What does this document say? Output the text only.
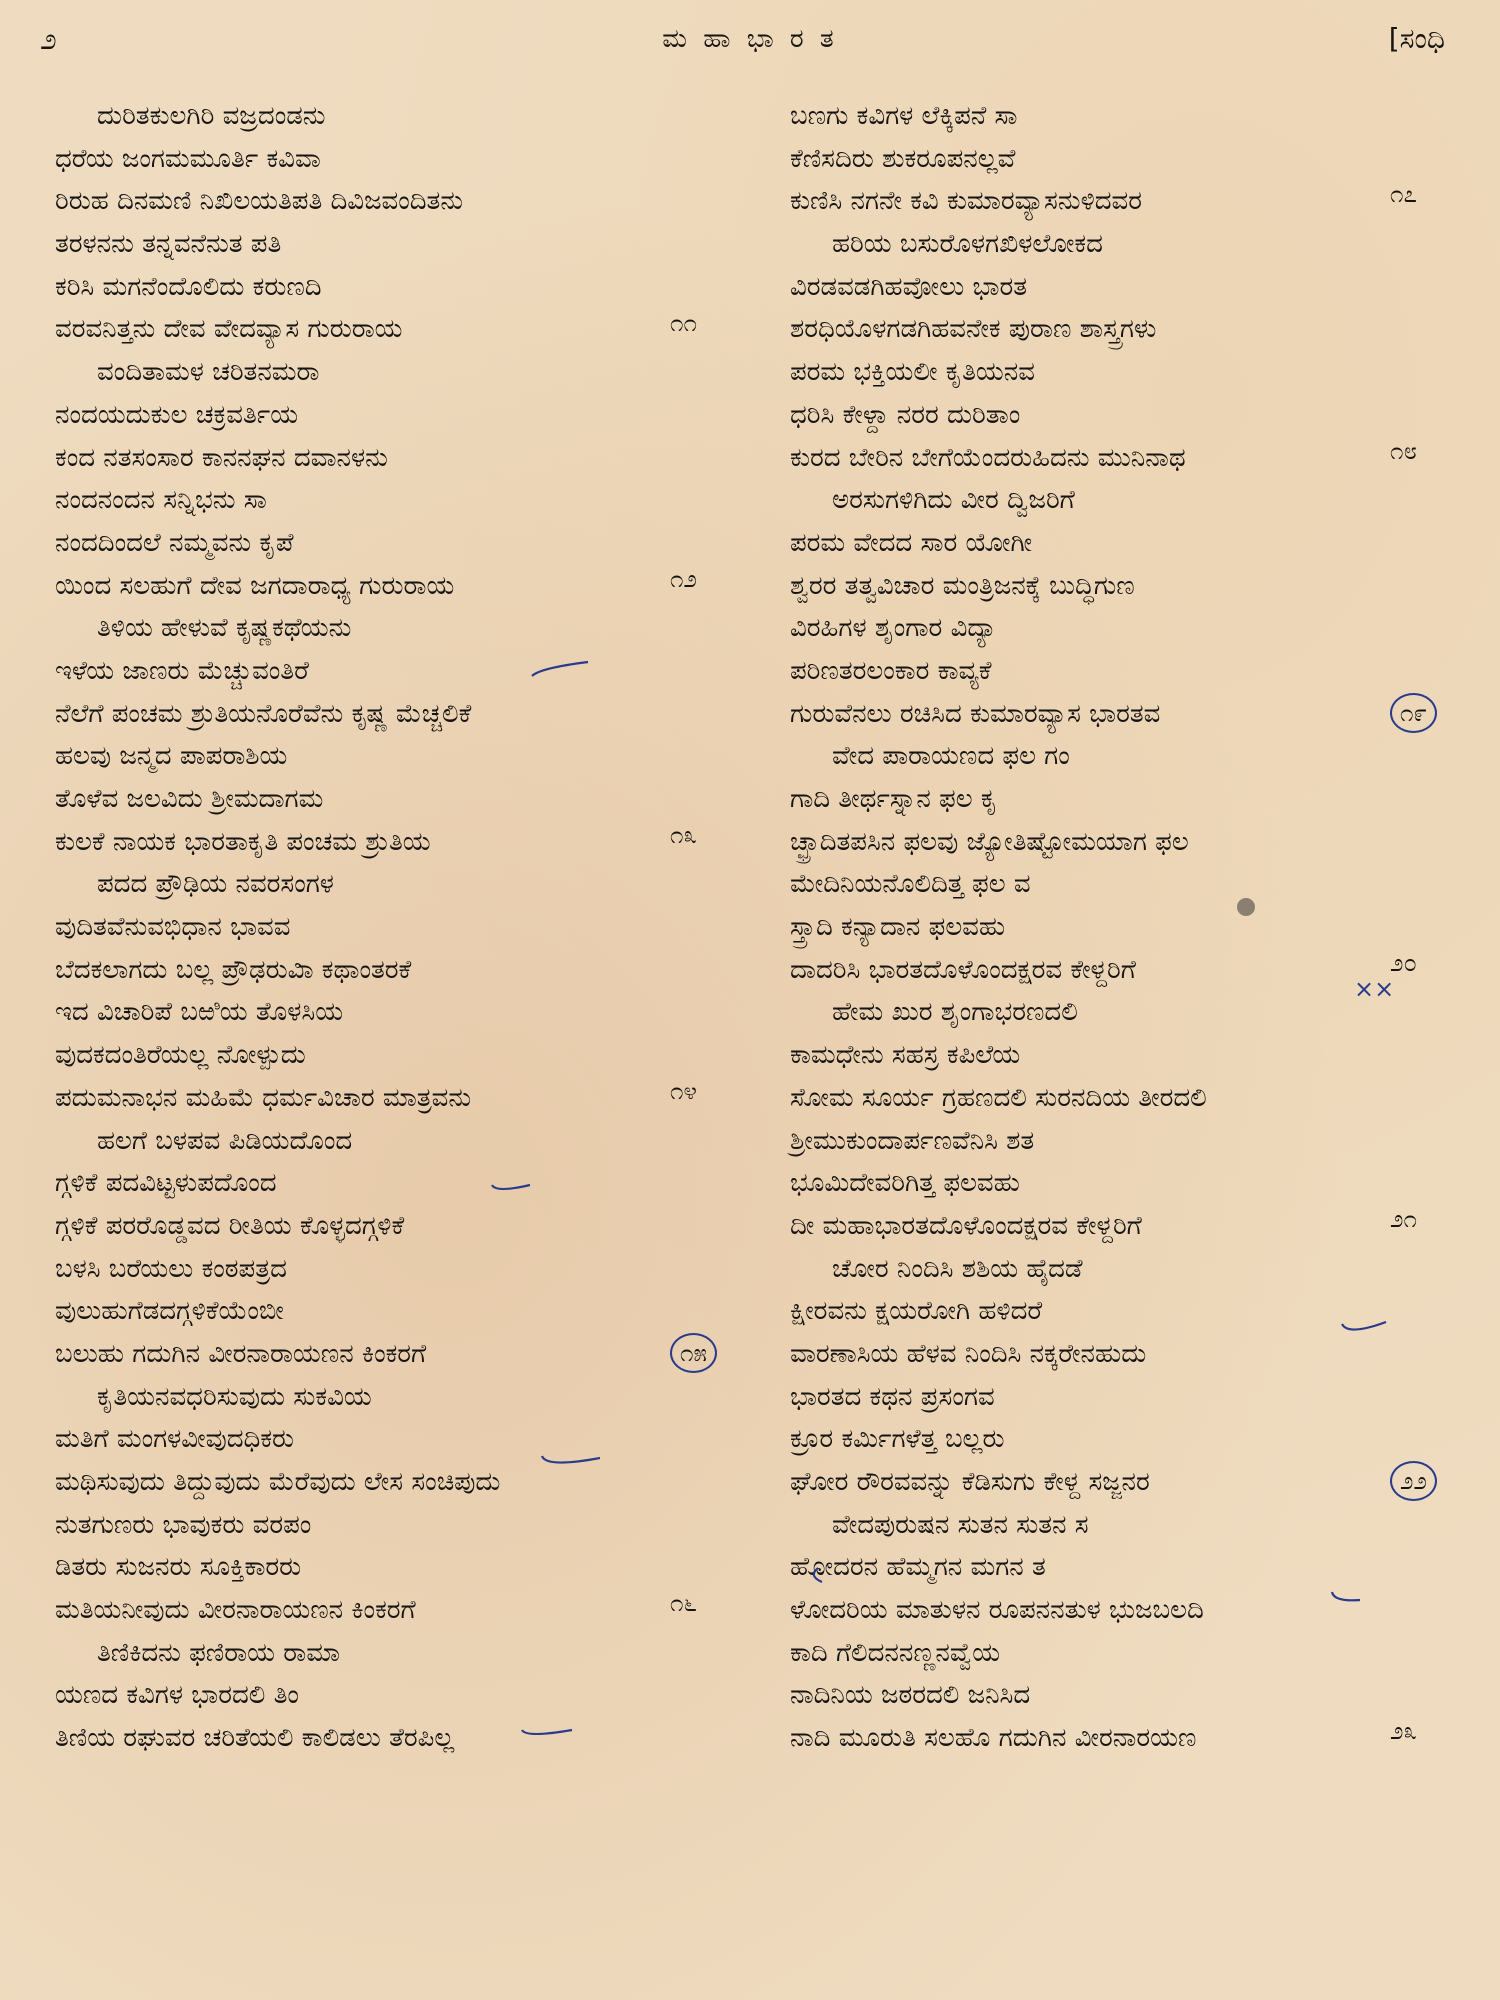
೨	ಮ ಹಾ ಭಾ ರ ತ	[ಸಂಧಿ
ದುರಿತಕುಲಗಿರಿ ವಜ್ರದಂಡನು
ಧರೆಯ ಜಂಗಮಮೂರ್ತಿ ಕವಿವಾ
ರಿರುಹ ದಿನಮಣಿ ನಿಖಿಲಯತಿಪತಿ ದಿವಿಜವಂದಿತನು
ತರಳನನು ತನ್ನವನೆನುತ ಪತಿ
ಕರಿಸಿ ಮಗನೆಂದೊಲಿದು ಕರುಣದಿ
ವರವನಿತ್ತನು ದೇವ ವೇದವ್ಯಾಸ ಗುರುರಾಯ	೧೧
ವಂದಿತಾಮಳ ಚರಿತನಮರಾ
ನಂದಯದುಕುಲ ಚಕ್ರವರ್ತಿಯ
ಕಂದ ನತಸಂಸಾರ ಕಾನನಘನ ದವಾನಳನು
ನಂದನಂದನ ಸನ್ನಿಭನು ಸಾ
ನಂದದಿಂದಲೆ ನಮ್ಮವನು ಕೃಪೆ
ಯಿಂದ ಸಲಹುಗೆ ದೇವ ಜಗದಾರಾಧ್ಯ ಗುರುರಾಯ	೧೨
ತಿಳಿಯ ಹೇಳುವೆ ಕೃಷ್ಣಕಥೆಯನು
ಇಳೆಯ ಜಾಣರು ಮೆಚ್ಚುವಂತಿರೆ
ನೆಲೆಗೆ ಪಂಚಮ ಶ್ರುತಿಯನೊರೆವೆನು ಕೃಷ್ಣ ಮೆಚ್ಚಲಿಕೆ
ಹಲವು ಜನ್ಮದ ಪಾಪರಾಶಿಯ
ತೊಳೆವ ಜಲವಿದು ಶ್ರೀಮದಾಗಮ
ಕುಲಕೆ ನಾಯಕ ಭಾರತಾಕೃತಿ ಪಂಚಮ ಶ್ರುತಿಯ	೧೩
ಪದದ ಪ್ರೌಢಿಯ ನವರಸಂಗಳ
ವುದಿತವೆನುವಭಿಧಾನ ಭಾವವ
ಬೆದಕಲಾಗದು ಬಲ್ಲ ಪ್ರೌಢರುವಿಾ ಕಥಾಂತರಕೆ
ಇದ ವಿಚಾರಿಪೆ ಬಱಿಯ ತೊಳಸಿಯ
ವುದಕದಂತಿರೆಯಲ್ಲ ನೋಳ್ಪುದು
ಪದುಮನಾಭನ ಮಹಿಮೆ ಧರ್ಮವಿಚಾರ ಮಾತ್ರವನು	೧೪
ಹಲಗೆ ಬಳಪವ ಪಿಡಿಯದೊಂದ
ಗ್ಗಳಿಕೆ ಪದವಿಟ್ಟಳುಪದೊಂದ
ಗ್ಗಳಿಕೆ ಪರರೊಡ್ಡವದ ರೀತಿಯ ಕೊಳ್ಳದಗ್ಗಳಿಕೆ
ಬಳಸಿ ಬರೆಯಲು ಕಂಠಪತ್ರದ
ವುಲುಹುಗೆಡದಗ್ಗಳಿಕೆಯೆಂಬೀ
ಬಲುಹು ಗದುಗಿನ ವೀರನಾರಾಯಣನ ಕಿಂಕರಗೆ	೧೫
ಕೃತಿಯನವಧರಿಸುವುದು ಸುಕವಿಯ
ಮತಿಗೆ ಮಂಗಳವೀವುದಧಿಕರು
ಮಥಿಸುವುದು ತಿದ್ದುವುದು ಮೆರೆವುದು ಲೇಸ ಸಂಚಿಪುದು
ನುತಗುಣರು ಭಾವುಕರು ವರಪಂ
ಡಿತರು ಸುಜನರು ಸೂಕ್ತಿಕಾರರು
ಮತಿಯನೀವುದು ವೀರನಾರಾಯಣನ ಕಿಂಕರಗೆ	೧೬
ತಿಣಿಕಿದನು ಫಣಿರಾಯ ರಾಮಾ
ಯಣದ ಕವಿಗಳ ಭಾರದಲಿ ತಿಂ
ತಿಣಿಯ ರಘುವರ ಚರಿತೆಯಲಿ ಕಾಲಿಡಲು ತೆರಪಿಲ್ಲ
ಬಣಗು ಕವಿಗಳ ಲೆಕ್ಕಿಪನೆ ಸಾ
ಕೆಣಿಸದಿರು ಶುಕರೂಪನಲ್ಲವೆ
ಕುಣಿಸಿ ನಗನೇ ಕವಿ ಕುಮಾರವ್ಯಾಸನುಳಿದವರ	೧೭
ಹರಿಯ ಬಸುರೊಳಗಖಿಳಲೋಕದ
ವಿರಡವಡಗಿಹವೋಲು ಭಾರತ
ಶರಧಿಯೊಳಗಡಗಿಹವನೇಕ ಪುರಾಣ ಶಾಸ್ತ್ರಗಳು
ಪರಮ ಭಕ್ತಿಯಲೀ ಕೃತಿಯನವ
ಧರಿಸಿ ಕೇಳ್ದಾ ನರರ ದುರಿತಾಂ
ಕುರದ ಬೇರಿನ ಬೇಗೆಯೆಂದರುಹಿದನು ಮುನಿನಾಥ	೧೮
ಅರಸುಗಳಿಗಿದು ವೀರ ದ್ವಿಜರಿಗೆ
ಪರಮ ವೇದದ ಸಾರ ಯೋಗೀ
ಶ್ವರರ ತತ್ವವಿಚಾರ ಮಂತ್ರಿಜನಕ್ಕೆ ಬುದ್ಧಿಗುಣ
ವಿರಹಿಗಳ ಶೃಂಗಾರ ವಿದ್ಯಾ
ಪರಿಣತರಲಂಕಾರ ಕಾವ್ಯಕೆ
ಗುರುವೆನಲು ರಚಿಸಿದ ಕುಮಾರವ್ಯಾಸ ಭಾರತವ	೧೯
ವೇದ ಪಾರಾಯಣದ ಫಲ ಗಂ
ಗಾದಿ ತೀರ್ಥಸ್ನಾನ ಫಲ ಕೃ
ಚ್ಛ್ರಾದಿತಪಸಿನ ಫಲವು ಜ್ಯೋತಿಷ್ಟೋಮಯಾಗ ಫಲ
ಮೇದಿನಿಯನೊಲಿದಿತ್ತ ಫಲ ವ
ಸ್ತ್ರಾದಿ ಕನ್ಯಾದಾನ ಫಲವಹು
ದಾದರಿಸಿ ಭಾರತದೊಳೊಂದಕ್ಷರವ ಕೇಳ್ದರಿಗೆ	೨೦
ಹೇಮ ಖುರ ಶೃಂಗಾಭರಣದಲಿ
ಕಾಮಧೇನು ಸಹಸ್ರ ಕಪಿಲೆಯ
ಸೋಮ ಸೂರ್ಯ ಗ್ರಹಣದಲಿ ಸುರನದಿಯ ತೀರದಲಿ
ಶ್ರೀಮುಕುಂದಾರ್ಪಣವೆನಿಸಿ ಶತ
ಭೂಮಿದೇವರಿಗಿತ್ತ ಫಲವಹು
ದೀ ಮಹಾಭಾರತದೊಳೊಂದಕ್ಷರವ ಕೇಳ್ದರಿಗೆ	೨೧
ಚೋರ ನಿಂದಿಸಿ ಶಶಿಯ ಹೈದಡೆ
ಕ್ಷೀರವನು ಕ್ಷಯರೋಗಿ ಹಳಿದರೆ
ವಾರಣಾಸಿಯ ಹೆಳವ ನಿಂದಿಸಿ ನಕ್ಕರೇನಹುದು
ಭಾರತದ ಕಥನ ಪ್ರಸಂಗವ
ಕ್ರೂರ ಕರ್ಮಿಗಳೆತ್ತ ಬಲ್ಲರು
ಘೋರ ರೌರವವನ್ನು ಕೆಡಿಸುಗು ಕೇಳ್ದ ಸಜ್ಜನರ	೨೨
ವೇದಪುರುಷನ ಸುತನ ಸುತನ ಸ
ಹೋದರನ ಹೆಮ್ಮಗನ ಮಗನ ತ
ಳೋದರಿಯ ಮಾತುಳನ ರೂಪನನತುಳ ಭುಜಬಲದಿ
ಕಾದಿ ಗೆಲಿದನನಣ್ಣನವ್ವೆಯ
ನಾದಿನಿಯ ಜಠರದಲಿ ಜನಿಸಿದ
ನಾದಿ ಮೂರುತಿ ಸಲಹೊ ಗದುಗಿನ ವೀರನಾರಯಣ	೨೩
××
